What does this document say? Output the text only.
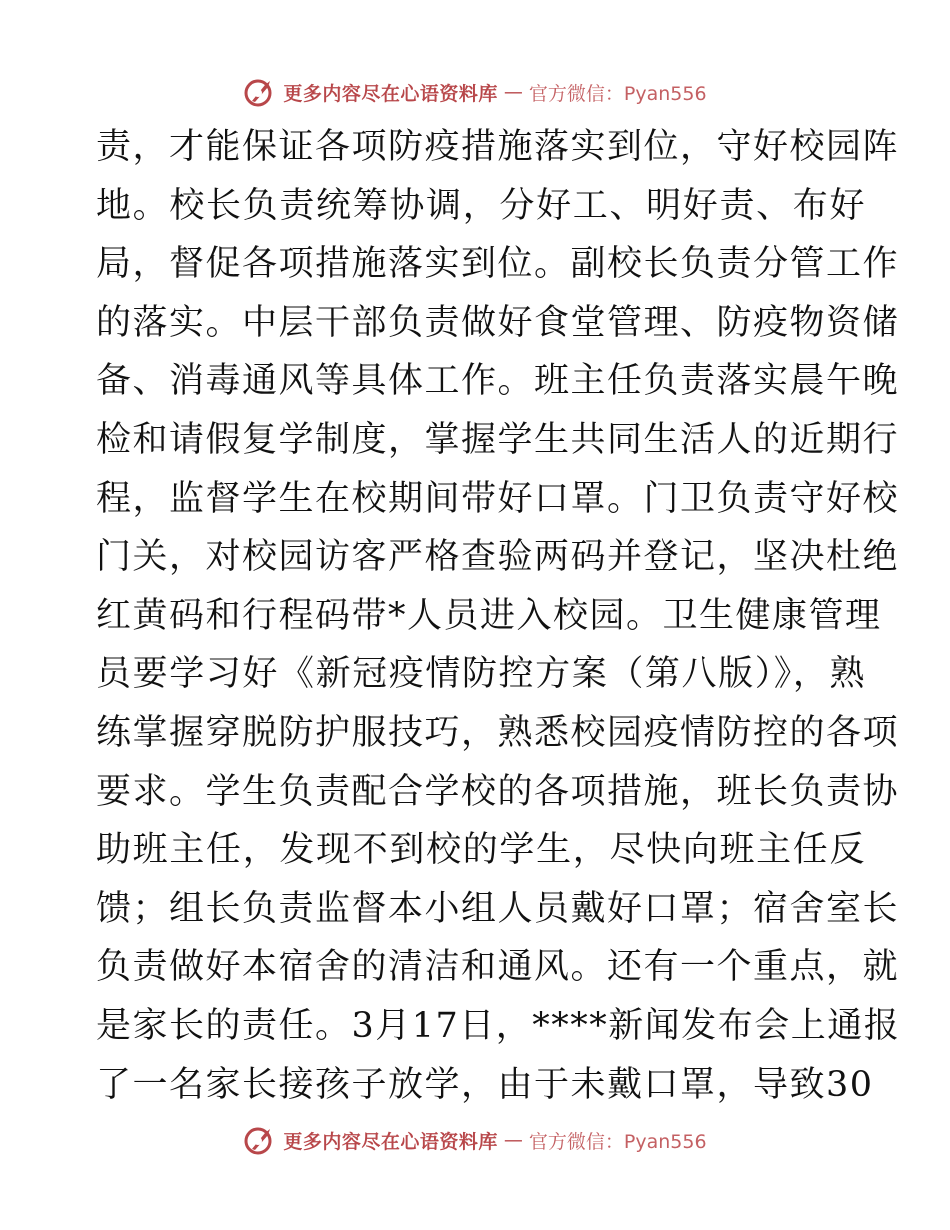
更多内容尽在心语资料库 — 官方微信：Pyan556
责，才能保证各项防疫措施落实到位，守好校园阵
地。校长负责统筹协调，分好工、明好责、布好
局，督促各项措施落实到位。副校长负责分管工作
的落实。中层干部负责做好食堂管理、防疫物资储
备、消毒通风等具体工作。班主任负责落实晨午晚
检和请假复学制度，掌握学生共同生活人的近期行
程，监督学生在校期间带好口罩。门卫负责守好校
门关，对校园访客严格查验两码并登记，坚决杜绝
红黄码和行程码带*人员进入校园。卫生健康管理
员要学习好《新冠疫情防控方案（第八版）》，熟
练掌握穿脱防护服技巧，熟悉校园疫情防控的各项
要求。学生负责配合学校的各项措施，班长负责协
助班主任，发现不到校的学生，尽快向班主任反
馈；组长负责监督本小组人员戴好口罩；宿舍室长
负责做好本宿舍的清洁和通风。还有一个重点，就
是家长的责任。3月17日，****新闻发布会上通报
了一名家长接孩子放学，由于未戴口罩，导致30
更多内容尽在心语资料库 — 官方微信：Pyan556
